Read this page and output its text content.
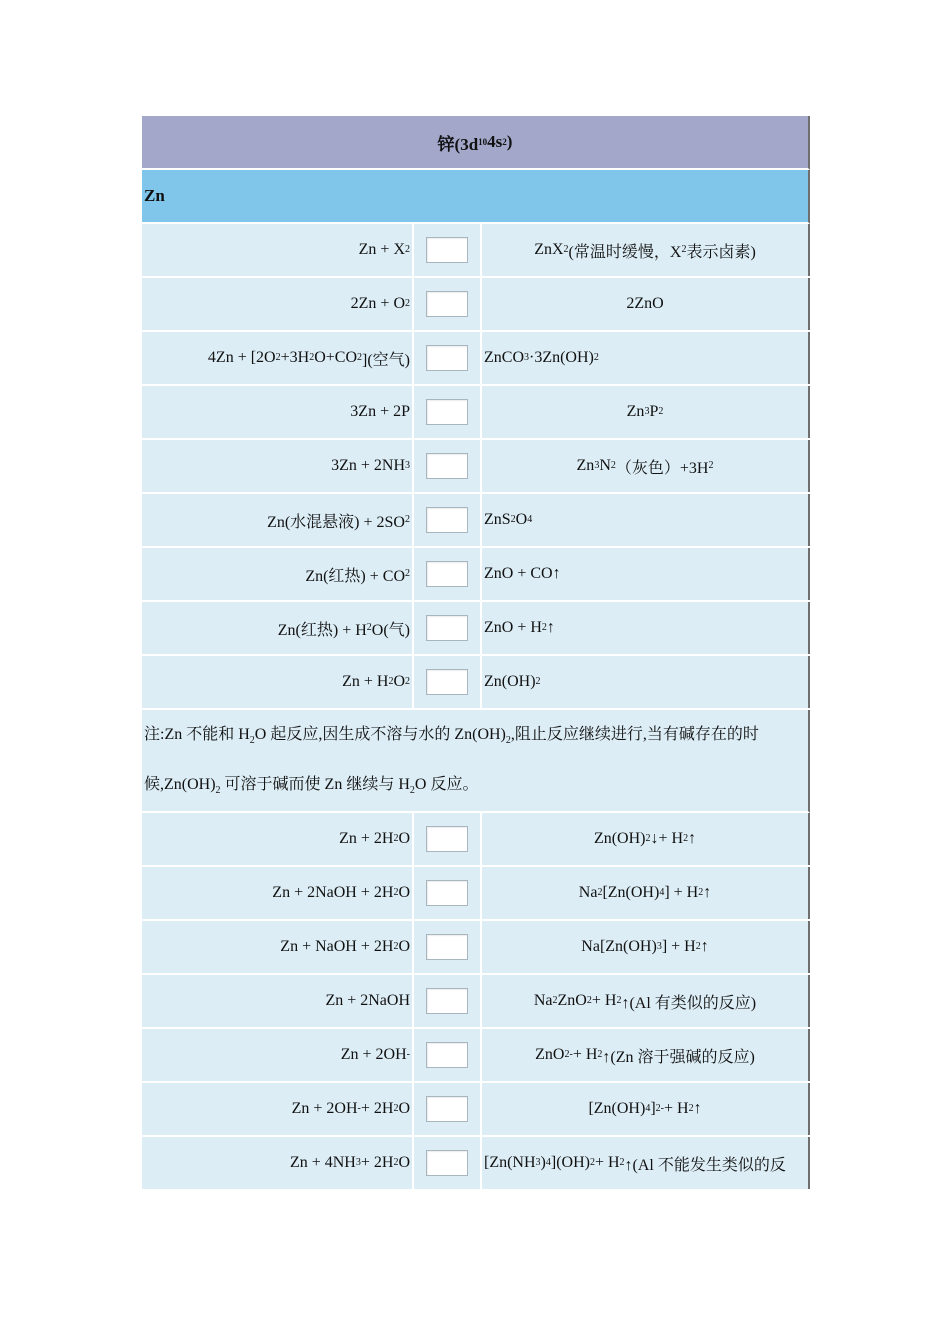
锌(3d 10 4s 2 )
Zn
Zn + X 2	ZnX 2 (常温时缓慢，X 2 表示卤素)
2Zn + O 2	2ZnO
4Zn + [2O 2 +3H 2 O+CO 2 ](空气)	ZnCO 3 ·3Zn(OH) 2
3Zn + 2P	Zn 3 P 2
3Zn + 2NH 3	Zn 3 N 2 （灰色）+3H 2
Zn(水混悬液) + 2SO 2	ZnS 2 O 4
Zn(红热) + CO 2	ZnO + CO↑
Zn(红热) + H 2 O(气)	ZnO + H 2 ↑
Zn + H 2 O 2	Zn(OH) 2
注:Zn 不能和 $H_2O$ 起反应,因生成不溶与水的 $Zn(OH)_2$,阻止反应继续进行,当有碱存在的时
候$,Zn(OH)_2$ 可溶于碱而使 Zn 继续与 $H_2O$ 反应。
Zn + 2H 2 O	Zn(OH) 2 ↓+ H 2 ↑
Zn + 2NaOH + 2H 2 O	Na 2 [Zn(OH) 4 ] + H 2 ↑
Zn + NaOH + 2H 2 O	Na[Zn(OH) 3 ] + H 2 ↑
Zn + 2NaOH	Na 2 ZnO 2 + H 2 ↑(Al 有类似的反应)
Zn + 2OH -	ZnO 2 - + H 2 ↑(Zn 溶于强碱的反应)
Zn + 2OH - + 2H 2 O	[Zn(OH) 4 ] 2- + H 2 ↑
Zn + 4NH 3 + 2H 2 O	[Zn(NH 3 ) 4 ](OH) 2 + H 2 ↑(Al 不能发生类似的反
